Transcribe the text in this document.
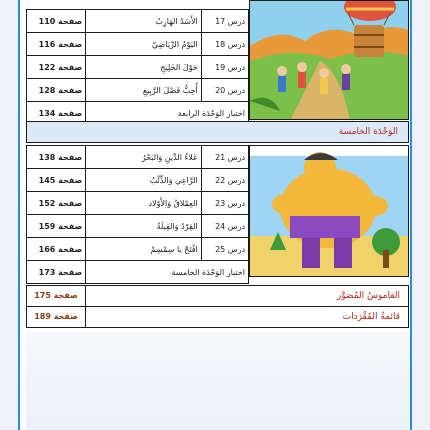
صفحة 110	الأَسَدُ الهَارِبُ	درس 17
صفحة 116	اليَوْمُ الرِّيَاضِيّ	درس 18
صفحة 122	حَوْلَ الخَلِيجِ	درس 19
صفحة 128	أُحِبُّ فَصْلَ الرَّبِيعِ	درس 20
صفحة 134	اختبار الوَحْدَة الرابعة	
الوَحْدَة الخامسة
صفحة 138	عَلاءُ الدِّينِ وَالبَحْرُ	درس 21
صفحة 145	الرَّاعِي وَالذِّئْبُ	درس 22
صفحة 152	العِمْلاقُ وَالأَوْلاد	درس 23
صفحة 159	القِرْدُ وَالفِيلَةُ	درس 24
صفحة 166	افْتَحْ يا سِمْسِمْ	درس 25
صفحة 173	اختبار الوَحْدَة الخامسة	
صفحة 175	القاموسُ المُصَوَّر
صفحة 189	قائمةُ المُفْرَدات
